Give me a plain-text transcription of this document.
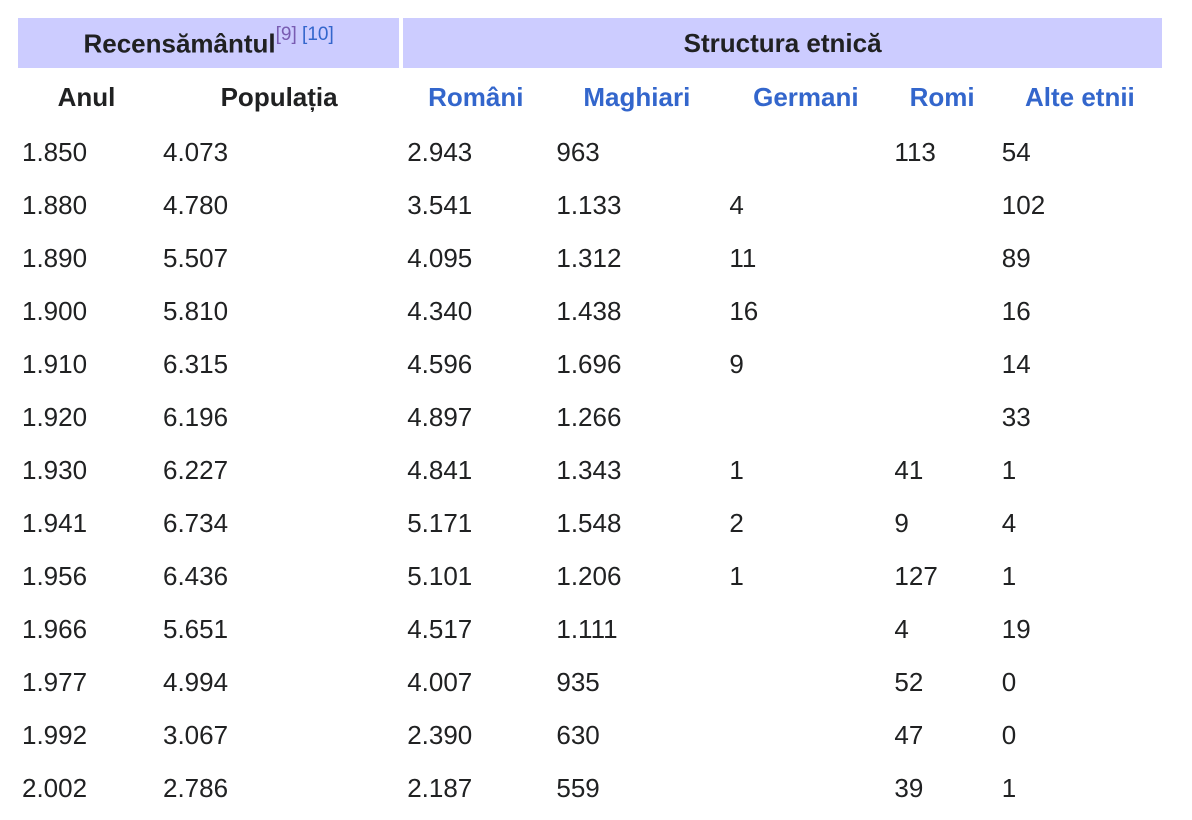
Recensământul[9] [10]		Structura etnică				
Anul	Populația	Români	Maghiari	Germani	Romi	Alte etnii
1.850	4.073	2.943	963		113	54
1.880	4.780	3.541	1.133	4		102
1.890	5.507	4.095	1.312	11		89
1.900	5.810	4.340	1.438	16		16
1.910	6.315	4.596	1.696	9		14
1.920	6.196	4.897	1.266			33
1.930	6.227	4.841	1.343	1	41	1
1.941	6.734	5.171	1.548	2	9	4
1.956	6.436	5.101	1.206	1	127	1
1.966	5.651	4.517	1.111		4	19
1.977	4.994	4.007	935		52	0
1.992	3.067	2.390	630		47	0
2.002	2.786	2.187	559		39	1
